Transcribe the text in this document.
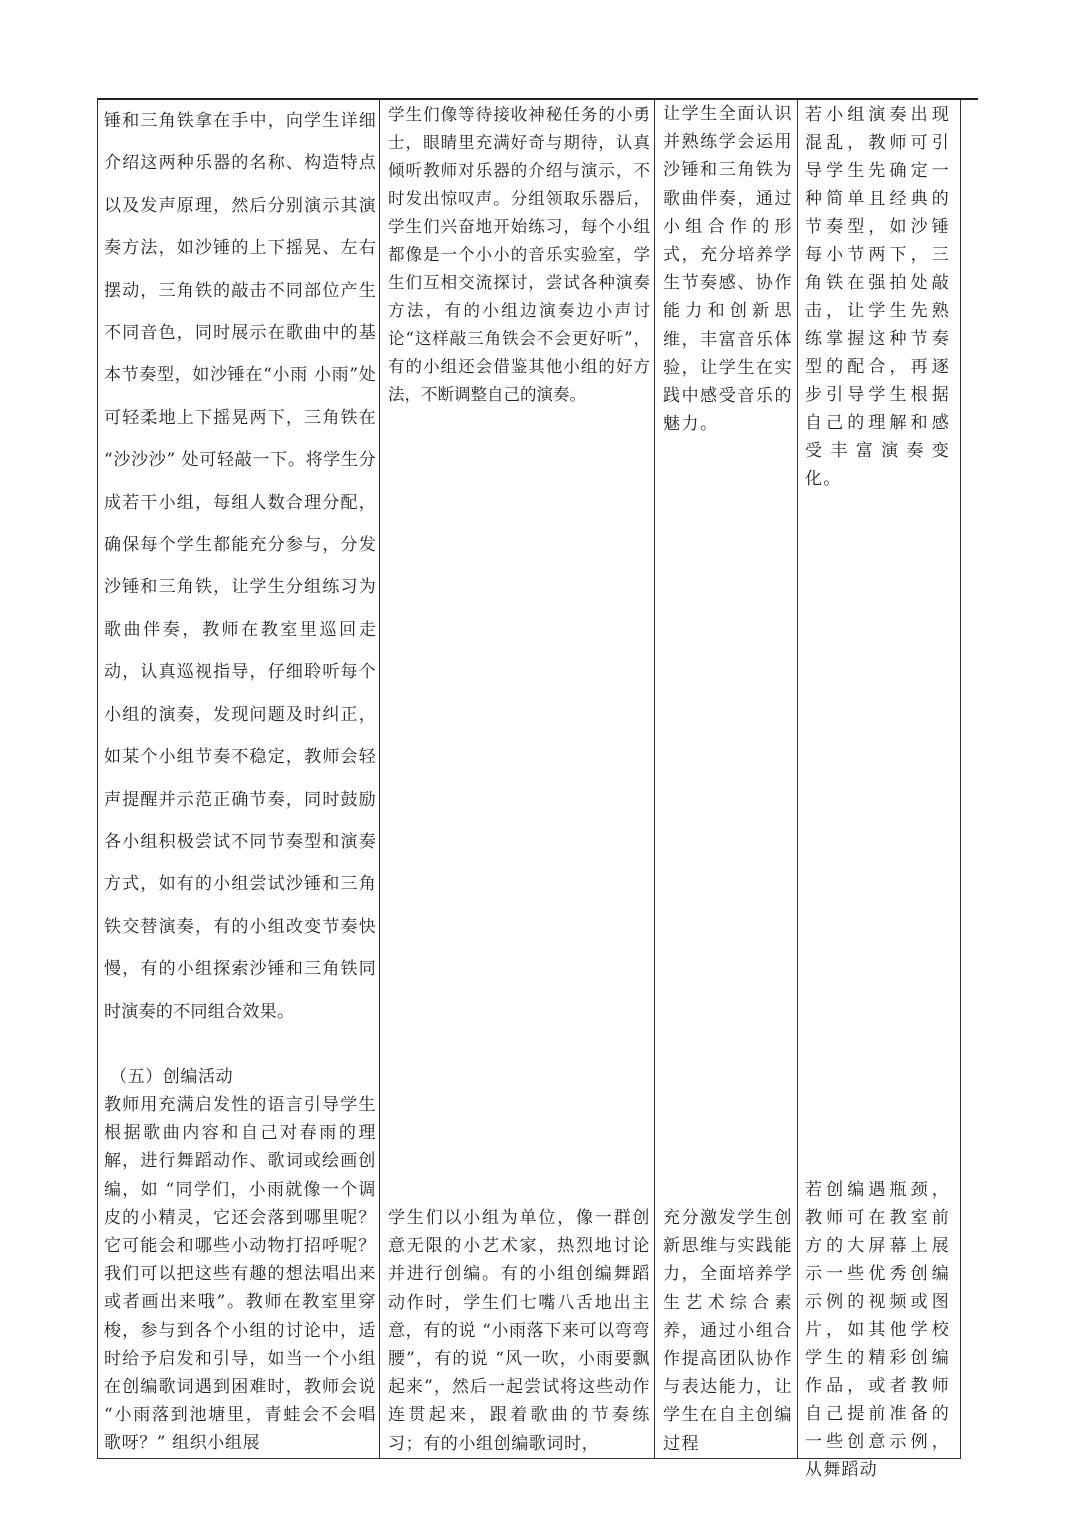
锤和三角铁拿在手中，向学生详细介绍这两种乐器的名称、构造特点以及发声原理，然后分别演示其演奏方法，如沙锤的上下摇晃、左右摆动，三角铁的敲击不同部位产生不同音色，同时展示在歌曲中的基本节奏型，如沙锤在“小雨 小雨”处可轻柔地上下摇晃两下，三角铁在 “沙沙沙” 处可轻敲一下。将学生分成若干小组，每组人数合理分配，确保每个学生都能充分参与，分发沙锤和三角铁，让学生分组练习为歌曲伴奏，教师在教室里巡回走动，认真巡视指导，仔细聆听每个小组的演奏，发现问题及时纠正，如某个小组节奏不稳定，教师会轻声提醒并示范正确节奏，同时鼓励各小组积极尝试不同节奏型和演奏方式，如有的小组尝试沙锤和三角铁交替演奏，有的小组改变节奏快慢，有的小组探索沙锤和三角铁同时演奏的不同组合效果。

学生们像等待接收神秘任务的小勇士，眼睛里充满好奇与期待，认真倾听教师对乐器的介绍与演示，不时发出惊叹声。分组领取乐器后，学生们兴奋地开始练习，每个小组都像是一个小小的音乐实验室，学生们互相交流探讨，尝试各种演奏方法，有的小组边演奏边小声讨论“这样敲三角铁会不会更好听”，有的小组还会借鉴其他小组的好方法，不断调整自己的演奏。

让学生全面认识并熟练学会运用沙锤和三角铁为歌曲伴奏，通过小组合作的形式，充分培养学生节奏感、协作能力和创新思维，丰富音乐体验，让学生在实践中感受音乐的魅力。

若小组演奏出现混乱，教师可引导学生先确定一种简单且经典的节奏型，如沙锤每小节两下，三角铁在强拍处敲击，让学生先熟练掌握这种节奏型的配合，再逐步引导学生根据自己的理解和感受丰富演奏变化。

（五）创编活动

教师用充满启发性的语言引导学生根据歌曲内容和自己对春雨的理解，进行舞蹈动作、歌词或绘画创编，如 “同学们，小雨就像一个调皮的小精灵，它还会落到哪里呢？它可能会和哪些小动物打招呼呢？我们可以把这些有趣的想法唱出来或者画出来哦”。教师在教室里穿梭，参与到各个小组的讨论中，适时给予启发和引导，如当一个小组在创编歌词遇到困难时，教师会说 “小雨落到池塘里，青蛙会不会唱歌呀？” 组织小组展

学生们以小组为单位，像一群创意无限的小艺术家，热烈地讨论并进行创编。有的小组创编舞蹈动作时，学生们七嘴八舌地出主意，有的说 “小雨落下来可以弯弯腰”，有的说 “风一吹，小雨要飘起来”，然后一起尝试将这些动作连贯起来，跟着歌曲的节奏练习；有的小组创编歌词时，

充分激发学生创新思维与实践能力，全面培养学生艺术综合素养，通过小组合作提高团队协作与表达能力，让学生在自主创编过程

若创编遇瓶颈，教师可在教室前方的大屏幕上展示一些优秀创编示例的视频或图片，如其他学校学生的精彩创编作品，或者教师自己提前准备的一些创意示例，从舞蹈动
